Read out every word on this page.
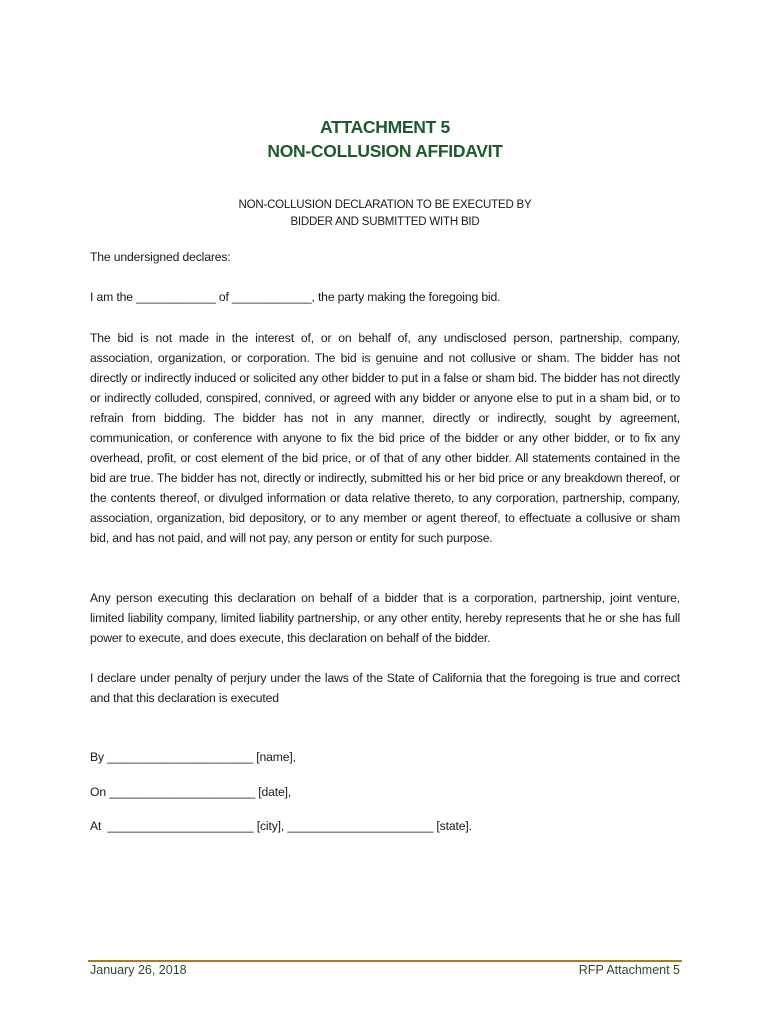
ATTACHMENT 5
NON-COLLUSION AFFIDAVIT
NON-COLLUSION DECLARATION TO BE EXECUTED BY
BIDDER AND SUBMITTED WITH BID
The undersigned declares:
I am the ____________ of ____________, the party making the foregoing bid.
The bid is not made in the interest of, or on behalf of, any undisclosed person, partnership, company, association, organization, or corporation. The bid is genuine and not collusive or sham. The bidder has not directly or indirectly induced or solicited any other bidder to put in a false or sham bid. The bidder has not directly or indirectly colluded, conspired, connived, or agreed with any bidder or anyone else to put in a sham bid, or to refrain from bidding. The bidder has not in any manner, directly or indirectly, sought by agreement, communication, or conference with anyone to fix the bid price of the bidder or any other bidder, or to fix any overhead, profit, or cost element of the bid price, or of that of any other bidder. All statements contained in the bid are true. The bidder has not, directly or indirectly, submitted his or her bid price or any breakdown thereof, or the contents thereof, or divulged information or data relative thereto, to any corporation, partnership, company, association, organization, bid depository, or to any member or agent thereof, to effectuate a collusive or sham bid, and has not paid, and will not pay, any person or entity for such purpose.
Any person executing this declaration on behalf of a bidder that is a corporation, partnership, joint venture, limited liability company, limited liability partnership, or any other entity, hereby represents that he or she has full power to execute, and does execute, this declaration on behalf of the bidder.
I declare under penalty of perjury under the laws of the State of California that the foregoing is true and correct and that this declaration is executed
By ______________________ [name],
On ______________________ [date],
At  ______________________ [city], ______________________ [state].
January 26, 2018	RFP Attachment 5
